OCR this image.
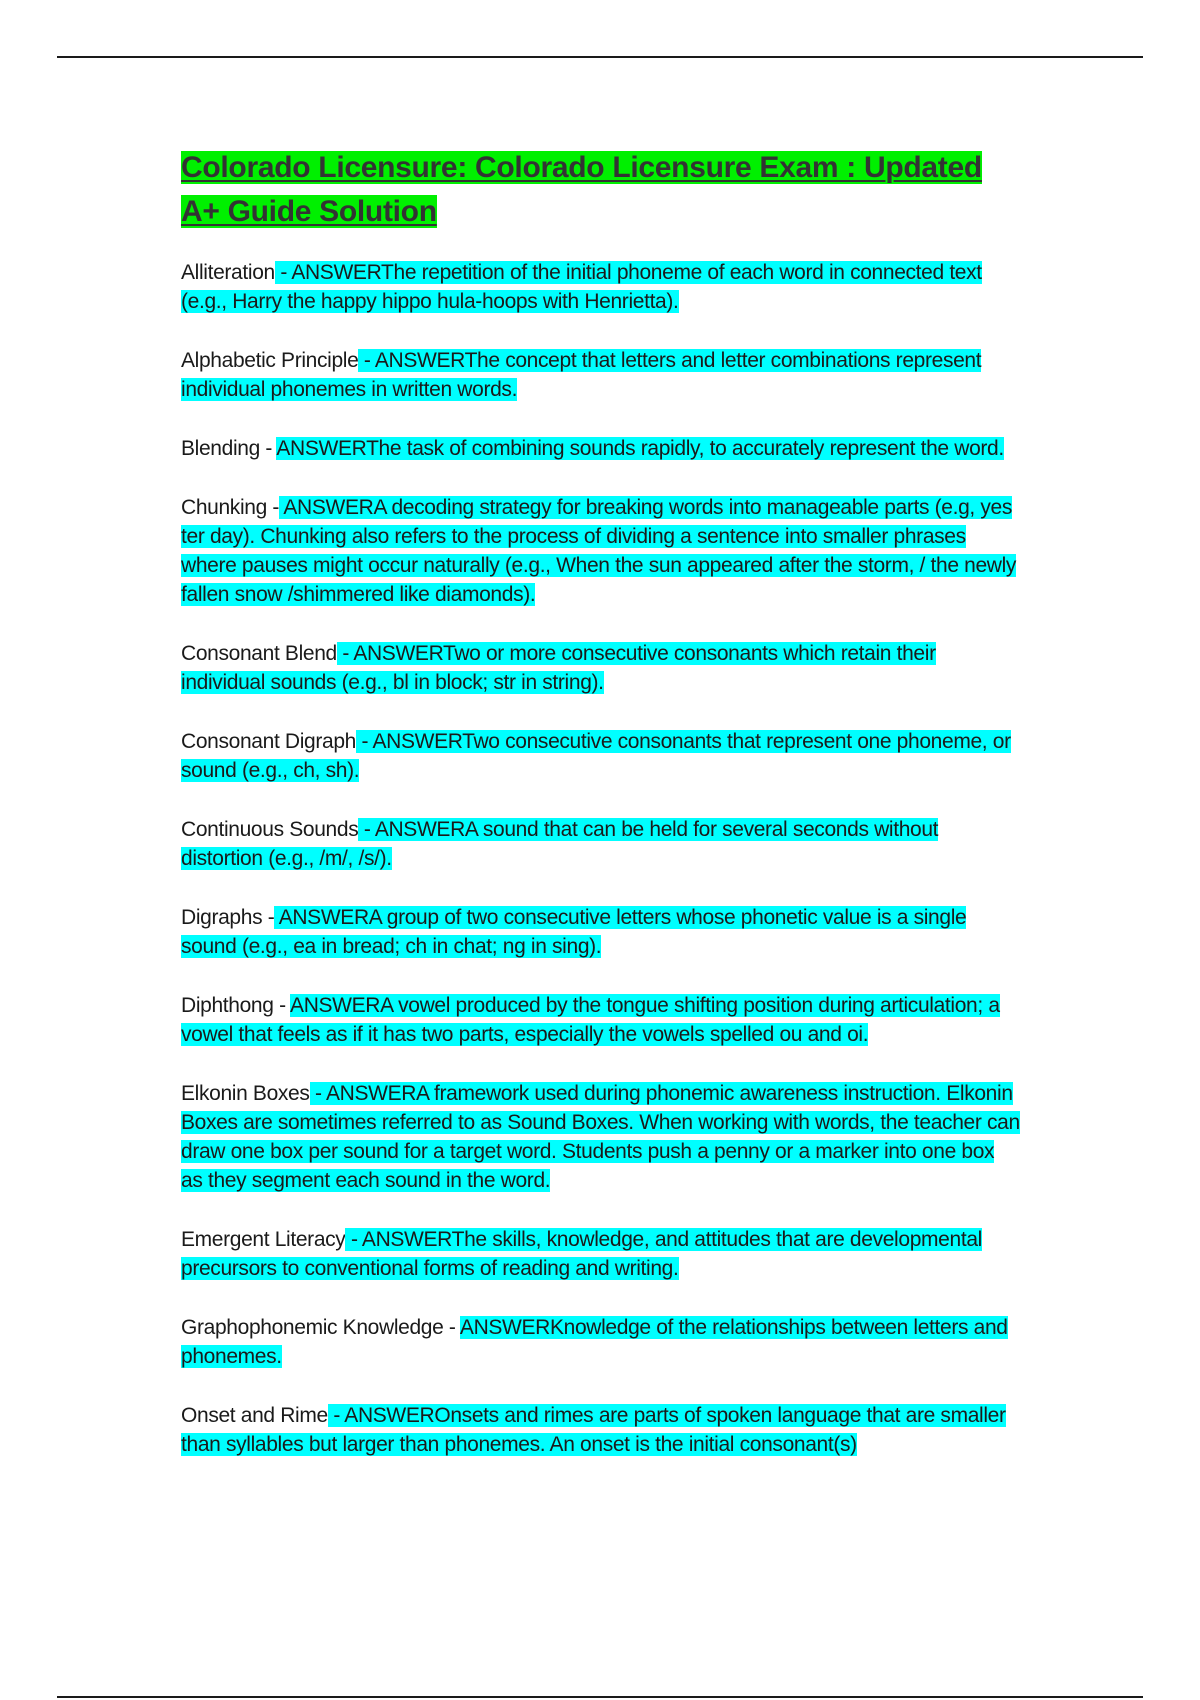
Colorado Licensure: Colorado Licensure Exam : Updated A+ Guide Solution

Alliteration - ANSWERThe repetition of the initial phoneme of each word in connected text (e.g., Harry the happy hippo hula-hoops with Henrietta).

Alphabetic Principle - ANSWERThe concept that letters and letter combinations represent individual phonemes in written words.

Blending - ANSWERThe task of combining sounds rapidly, to accurately represent the word.

Chunking - ANSWERA decoding strategy for breaking words into manageable parts (e.g, yes ter day). Chunking also refers to the process of dividing a sentence into smaller phrases where pauses might occur naturally (e.g., When the sun appeared after the storm, / the newly fallen snow /shimmered like diamonds).

Consonant Blend - ANSWERTwo or more consecutive consonants which retain their individual sounds (e.g., bl in block; str in string).

Consonant Digraph - ANSWERTwo consecutive consonants that represent one phoneme, or sound (e.g., ch, sh).

Continuous Sounds - ANSWERA sound that can be held for several seconds without distortion (e.g., /m/, /s/).

Digraphs - ANSWERA group of two consecutive letters whose phonetic value is a single sound (e.g., ea in bread; ch in chat; ng in sing).

Diphthong - ANSWERA vowel produced by the tongue shifting position during articulation; a vowel that feels as if it has two parts, especially the vowels spelled ou and oi.

Elkonin Boxes - ANSWERA framework used during phonemic awareness instruction. Elkonin Boxes are sometimes referred to as Sound Boxes. When working with words, the teacher can draw one box per sound for a target word. Students push a penny or a marker into one box as they segment each sound in the word.

Emergent Literacy - ANSWERThe skills, knowledge, and attitudes that are developmental precursors to conventional forms of reading and writing.

Graphophonemic Knowledge - ANSWERKnowledge of the relationships between letters and phonemes.

Onset and Rime - ANSWEROnsets and rimes are parts of spoken language that are smaller than syllables but larger than phonemes. An onset is the initial consonant(s)
